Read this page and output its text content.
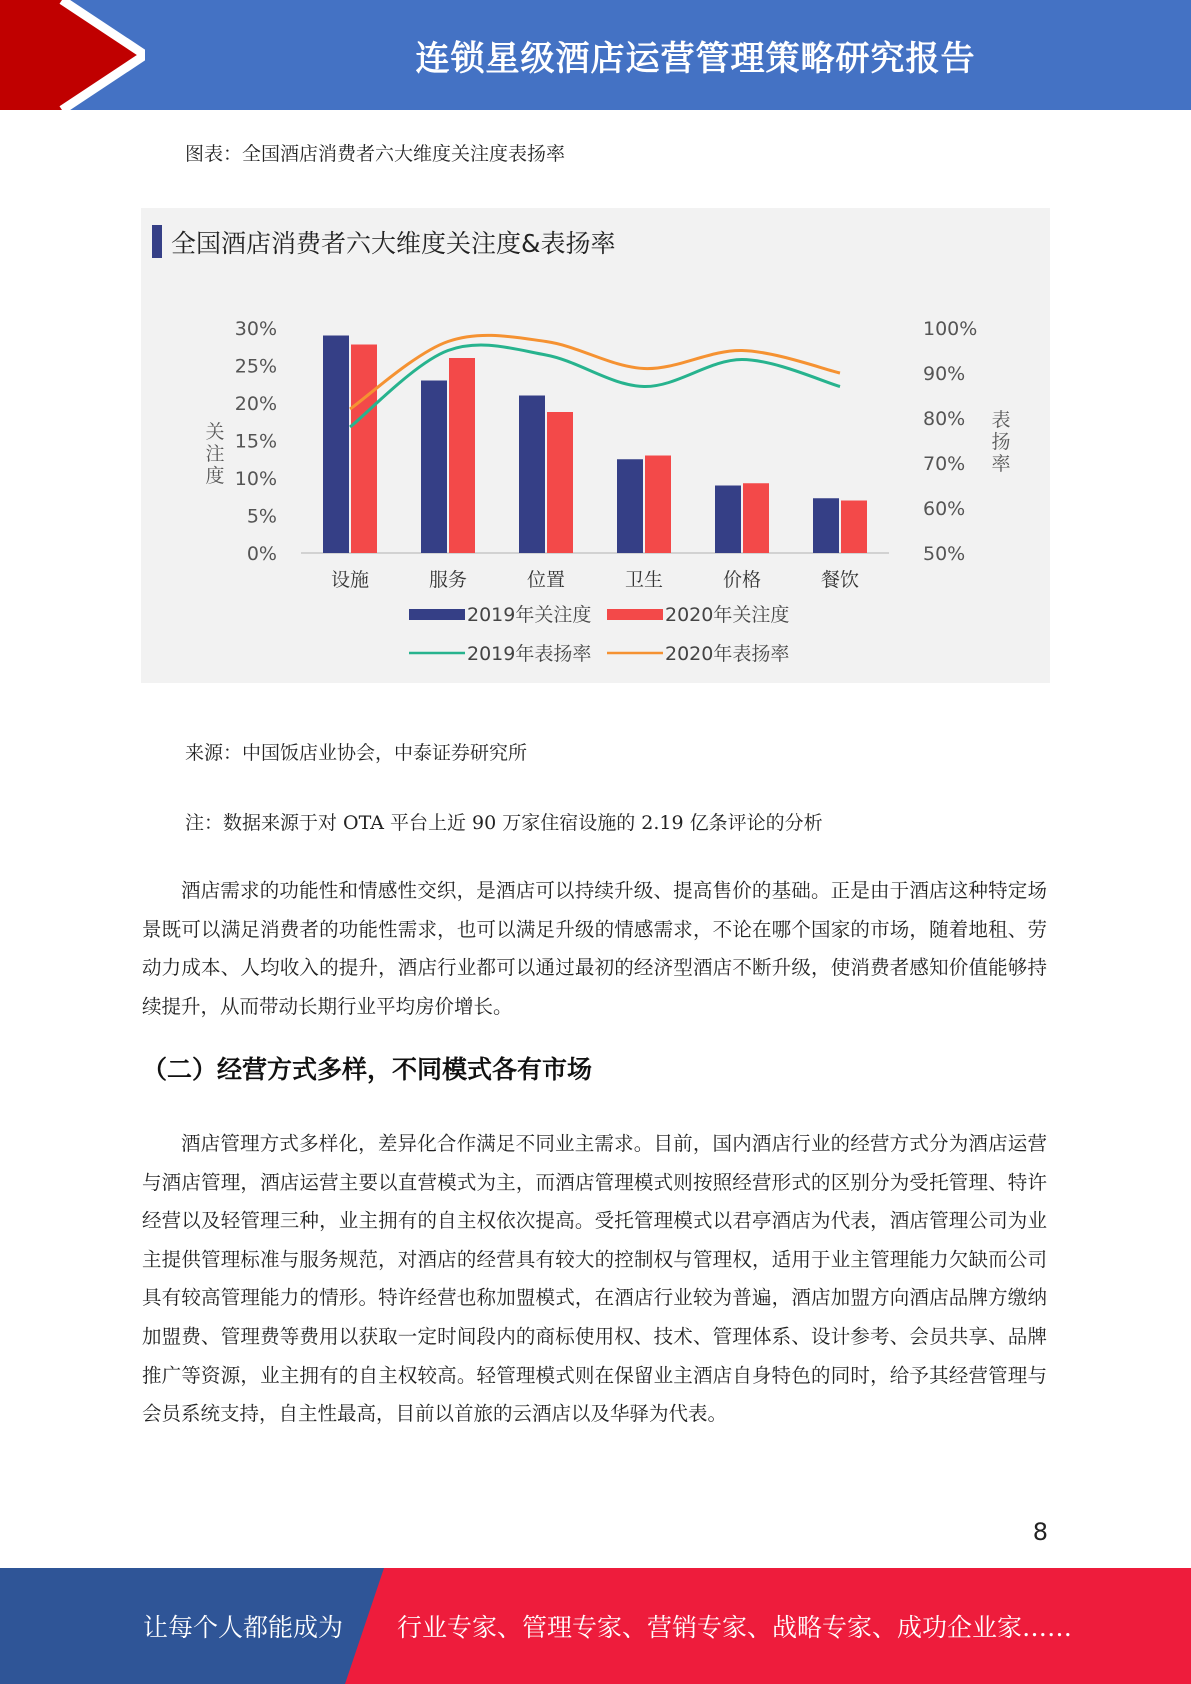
连锁星级酒店运营管理策略研究报告
图表：全国酒店消费者六大维度关注度表扬率
全国酒店消费者六大维度关注度&表扬率
0%
5%
10%
15%
20%
25%
30%
50%
60%
70%
80%
90%
100%
关
注
度
表
扬
率
设施	服务	位置	卫生	价格	餐饮
2019年关注度	2020年关注度
2019年表扬率	2020年表扬率
来源：中国饭店业协会，中泰证券研究所
注：数据来源于对 OTA 平台上近 90 万家住宿设施的 2.19 亿条评论的分析
酒店需求的功能性和情感性交织，是酒店可以持续升级、提高售价的基础。正是由于酒店这种特定场景既可以满足消费者的功能性需求，也可以满足升级的情感需求，不论在哪个国家的市场，随着地租、劳动力成本、人均收入的提升，酒店行业都可以通过最初的经济型酒店不断升级，使消费者感知价值能够持续提升，从而带动长期行业平均房价增长。
（二）经营方式多样，不同模式各有市场
酒店管理方式多样化，差异化合作满足不同业主需求。目前，国内酒店行业的经营方式分为酒店运营与酒店管理，酒店运营主要以直营模式为主，而酒店管理模式则按照经营形式的区别分为受托管理、特许经营以及轻管理三种，业主拥有的自主权依次提高。受托管理模式以君亭酒店为代表，酒店管理公司为业主提供管理标准与服务规范，对酒店的经营具有较大的控制权与管理权，适用于业主管理能力欠缺而公司具有较高管理能力的情形。特许经营也称加盟模式，在酒店行业较为普遍，酒店加盟方向酒店品牌方缴纳加盟费、管理费等费用以获取一定时间段内的商标使用权、技术、管理体系、设计参考、会员共享、品牌推广等资源，业主拥有的自主权较高。轻管理模式则在保留业主酒店自身特色的同时，给予其经营管理与会员系统支持，自主性最高，目前以首旅的云酒店以及华驿为代表。
8
让每个人都能成为 行业专家、管理专家、营销专家、战略专家、成功企业家……
